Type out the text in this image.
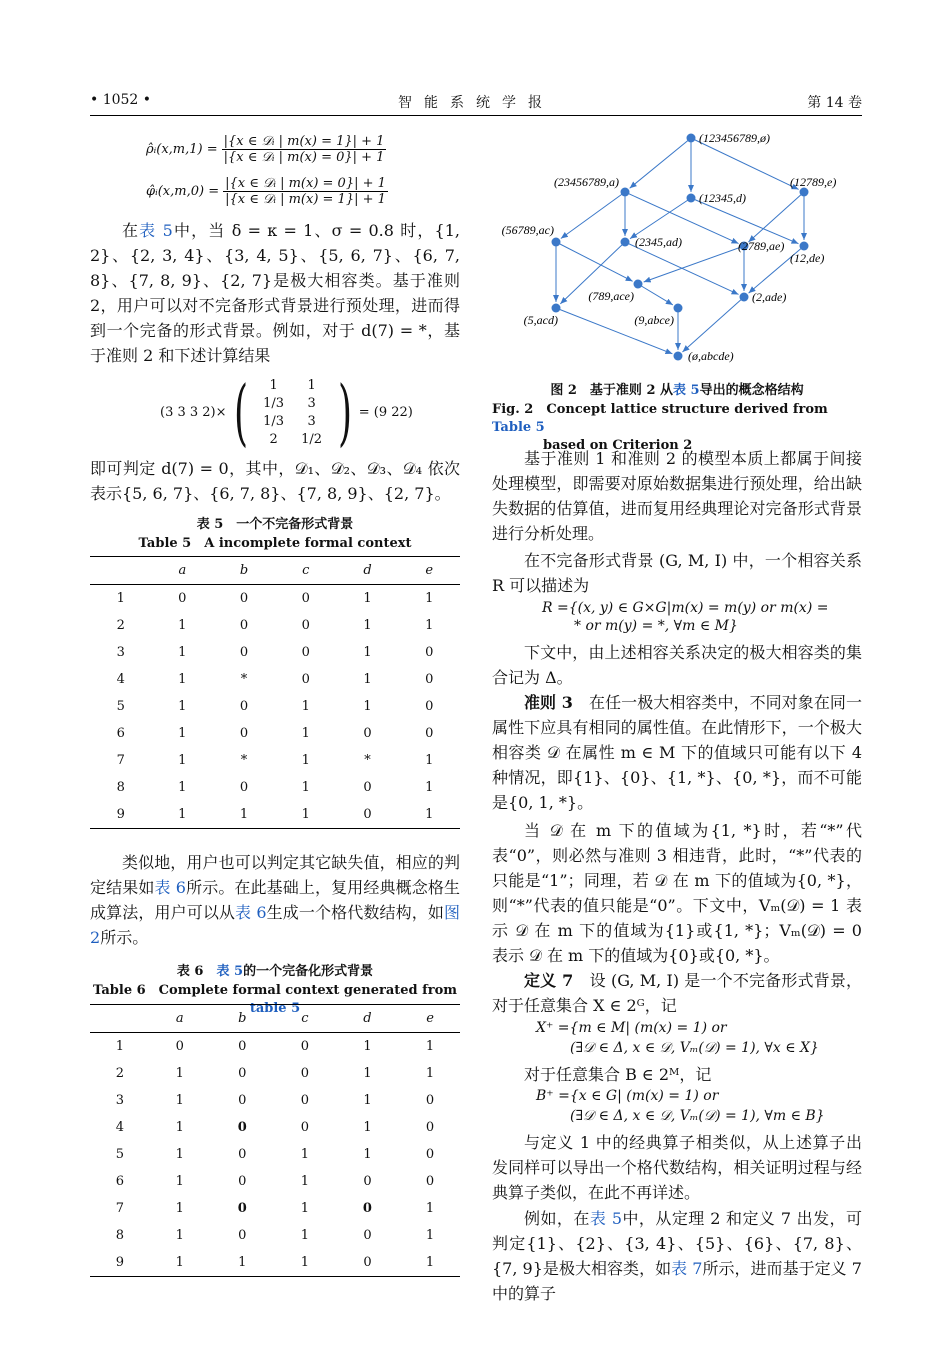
• 1052 •	智能系统学报	第 14 卷
ρ̂ᵢ(x,m,1) =
|{x ∈ 𝒟ᵢ | m(x) = 1}| + 1
|{x ∈ 𝒟ᵢ | m(x) = 0}| + 1
φ̂ᵢ(x,m,0) =
|{x ∈ 𝒟ᵢ | m(x) = 0}| + 1
|{x ∈ 𝒟ᵢ | m(x) = 1}| + 1
在表 5中，当 δ = κ = 1、σ = 0.8 时，{1, 2}、{2, 3, 4}、{3, 4, 5}、{5, 6, 7}、{6, 7, 8}、{7, 8, 9}、{2, 7}是极大相容类。基于准则 2，用户可以对不完备形式背景进行预处理，进而得到一个完备的形式背景。例如，对于 d(7) = *，基于准则 2 和下述计算结果
(3 3 3 2)× (	1	1
1/3	3
1/3	3
2	1/2 ) = (9 22)
即可判定 d(7) = 0，其中，𝒟₁、𝒟₂、𝒟₃、𝒟₄ 依次表示{5, 6, 7}、{6, 7, 8}、{7, 8, 9}、{2, 7}。
表 5　一个不完备形式背景
Table 5　A incomplete formal context
	a	b	c	d	e
1	0	0	0	1	1
2	1	0	0	1	1
3	1	0	0	1	0
4	1	*	0	1	0
5	1	0	1	1	0
6	1	0	1	0	0
7	1	*	1	*	1
8	1	0	1	0	1
9	1	1	1	0	1
类似地，用户也可以判定其它缺失值，相应的判定结果如表 6所示。在此基础上，复用经典概念格生成算法，用户可以从表 6生成一个格代数结构，如图 2所示。
表 6　表 5的一个完备化形式背景
Table 6　Complete formal context generated from table 5
	a	b	c	d	e
1	0	0	0	1	1
2	1	0	0	1	1
3	1	0	0	1	0
4	1	0	0	1	0
5	1	0	1	1	0
6	1	0	1	0	0
7	1	0	1	0	1
8	1	0	1	0	1
9	1	1	1	0	1
(123456789,ø)
(23456789,a)	(12789,e)
(12345,d)
(56789,ac)
(2345,ad)	(2789,ae)
(12,de)
(789,ace)	(2,ade)
(5,acd)	(9,abce)
(ø,abcde)
图 2　基于准则 2 从表 5导出的概念格结构
Fig. 2　Concept lattice structure derived from Table 5
based on Criterion 2
基于准则 1 和准则 2 的模型本质上都属于间接处理模型，即需要对原始数据集进行预处理，给出缺失数据的估算值，进而复用经典理论对完备形式背景进行分析处理。
在不完备形式背景 (G, M, I) 中，一个相容关系 R 可以描述为
R ={(x, y) ∈ G×G|m(x) = m(y) or m(x) =
* or m(y) = *, ∀m ∈ M}
下文中，由上述相容关系决定的极大相容类的集合记为 Δ。
准则 3　 在任一极大相容类中，不同对象在同一属性下应具有相同的属性值。在此情形下，一个极大相容类 𝒟 在属性 m ∈ M 下的值域只可能有以下 4 种情况，即{1}、{0}、{1, *}、{0, *}，而不可能是{0, 1, *}。
当 𝒟 在 m 下的值域为{1, *}时，若“*”代表“0”，则必然与准则 3 相违背，此时，“*”代表的只能是“1”；同理，若 𝒟 在 m 下的值域为{0, *}，则“*”代表的值只能是“0”。下文中，Vₘ(𝒟) = 1 表示 𝒟 在 m 下的值域为{1}或{1, *}；Vₘ(𝒟) = 0 表示 𝒟 在 m 下的值域为{0}或{0, *}。
定义 7　 设 (G, M, I) 是一个不完备形式背景，对于任意集合 X ∈ 2ᴳ，记
X⁺ ={m ∈ M| (m(x) = 1) or
(∃𝒟 ∈ Δ, x ∈ 𝒟, Vₘ(𝒟) = 1), ∀x ∈ X}
对于任意集合 B ∈ 2ᴹ，记
B⁺ ={x ∈ G| (m(x) = 1) or
(∃𝒟 ∈ Δ, x ∈ 𝒟, Vₘ(𝒟) = 1), ∀m ∈ B}
与定义 1 中的经典算子相类似，从上述算子出发同样可以导出一个格代数结构，相关证明过程与经典算子类似，在此不再详述。
例如，在表 5中，从定理 2 和定义 7 出发，可判定{1}、{2}、{3, 4}、{5}、{6}、{7, 8}、{7, 9}是极大相容类，如表 7所示，进而基于定义 7 中的算子
